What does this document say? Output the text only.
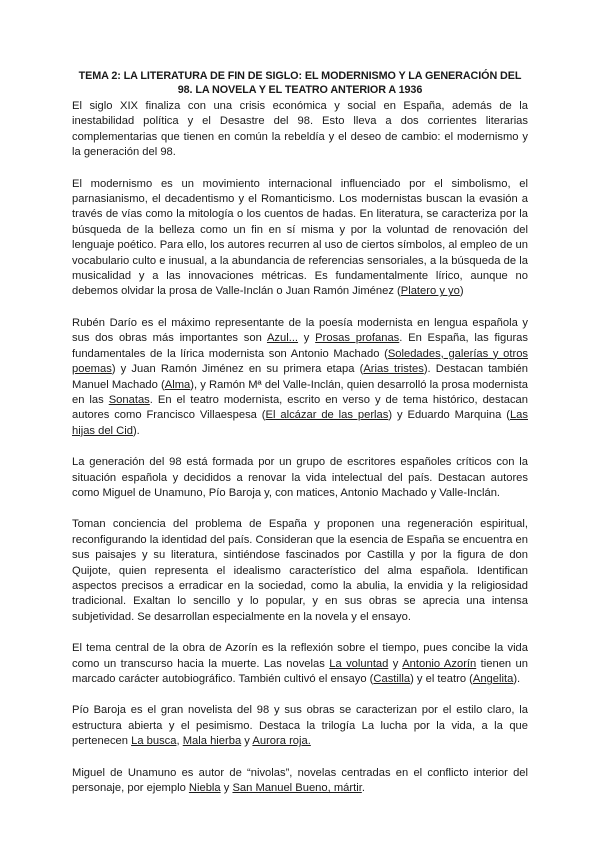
TEMA 2: LA LITERATURA DE FIN DE SIGLO: EL MODERNISMO Y LA GENERACIÓN DEL 98. LA NOVELA Y EL TEATRO ANTERIOR A 1936

El siglo XIX finaliza con una crisis económica y social en España, además de la inestabilidad política y el Desastre del 98. Esto lleva a dos corrientes literarias complementarias que tienen en común la rebeldía y el deseo de cambio: el modernismo y la generación del 98.

El modernismo es un movimiento internacional influenciado por el simbolismo, el parnasianismo, el decadentismo y el Romanticismo. Los modernistas buscan la evasión a través de vías como la mitología o los cuentos de hadas. En literatura, se caracteriza por la búsqueda de la belleza como un fin en sí misma y por la voluntad de renovación del lenguaje poético. Para ello, los autores recurren al uso de ciertos símbolos, al empleo de un vocabulario culto e inusual, a la abundancia de referencias sensoriales, a la búsqueda de la musicalidad y a las innovaciones métricas. Es fundamentalmente lírico, aunque no debemos olvidar la prosa de Valle-Inclán o Juan Ramón Jiménez (Platero y yo)

Rubén Darío es el máximo representante de la poesía modernista en lengua española y sus dos obras más importantes son Azul... y Prosas profanas. En España, las figuras fundamentales de la lírica modernista son Antonio Machado (Soledades, galerías y otros poemas) y Juan Ramón Jiménez en su primera etapa (Arias tristes). Destacan también Manuel Machado (Alma), y Ramón Mª del Valle-Inclán, quien desarrolló la prosa modernista en las Sonatas. En el teatro modernista, escrito en verso y de tema histórico, destacan autores como Francisco Villaespesa (El alcázar de las perlas) y Eduardo Marquina (Las hijas del Cid).

La generación del 98 está formada por un grupo de escritores españoles críticos con la situación española y decididos a renovar la vida intelectual del país. Destacan autores como Miguel de Unamuno, Pío Baroja y, con matices, Antonio Machado y Valle-Inclán.

Toman conciencia del problema de España y proponen una regeneración espiritual, reconfigurando la identidad del país. Consideran que la esencia de España se encuentra en sus paisajes y su literatura, sintiéndose fascinados por Castilla y por la figura de don Quijote, quien representa el idealismo característico del alma española. Identifican aspectos precisos a erradicar en la sociedad, como la abulia, la envidia y la religiosidad tradicional. Exaltan lo sencillo y lo popular, y en sus obras se aprecia una intensa subjetividad. Se desarrollan especialmente en la novela y el ensayo.

El tema central de la obra de Azorín es la reflexión sobre el tiempo, pues concibe la vida como un transcurso hacia la muerte. Las novelas La voluntad y Antonio Azorín tienen un marcado carácter autobiográfico. También cultivó el ensayo (Castilla) y el teatro (Angelita).

Pío Baroja es el gran novelista del 98 y sus obras se caracterizan por el estilo claro, la estructura abierta y el pesimismo. Destaca la trilogía La lucha por la vida, a la que pertenecen La busca, Mala hierba y Aurora roja.

Miguel de Unamuno es autor de “nivolas”, novelas centradas en el conflicto interior del personaje, por ejemplo Niebla y San Manuel Bueno, mártir.
